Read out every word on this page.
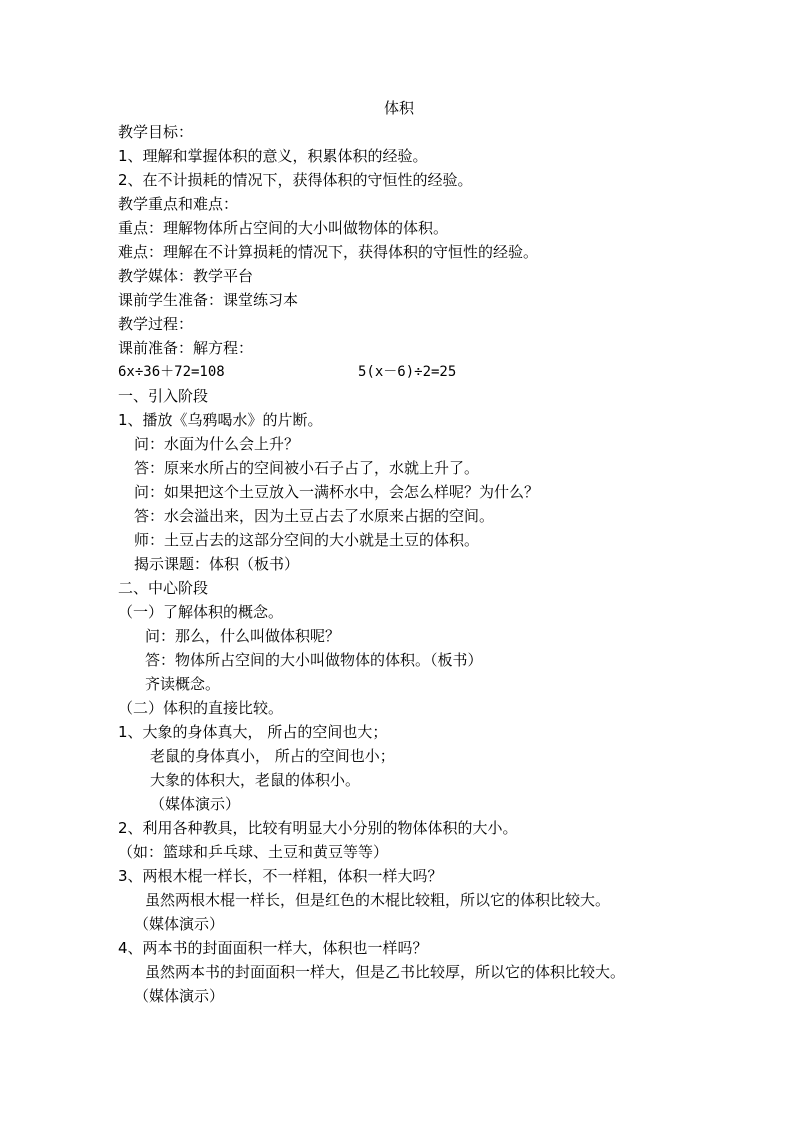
体积
教学目标：
1、理解和掌握体积的意义，积累体积的经验。
2、在不计损耗的情况下，获得体积的守恒性的经验。
教学重点和难点：
重点：理解物体所占空间的大小叫做物体的体积。
难点：理解在不计算损耗的情况下，获得体积的守恒性的经验。
教学媒体：教学平台
课前学生准备：课堂练习本
教学过程：
课前准备：解方程：
6x÷36＋72=108	5(x－6)÷2=25
一、引入阶段
1、播放《乌鸦喝水》的片断。
问：水面为什么会上升？
答：原来水所占的空间被小石子占了，水就上升了。
问：如果把这个土豆放入一满杯水中，会怎么样呢？为什么？
答：水会溢出来，因为土豆占去了水原来占据的空间。
师：土豆占去的这部分空间的大小就是土豆的体积。
揭示课题：体积（板书）
二、中心阶段
（一）了解体积的概念。
问：那么，什么叫做体积呢？
答：物体所占空间的大小叫做物体的体积。（板书）
齐读概念。
（二）体积的直接比较。
1、大象的身体真大， 所占的空间也大；
老鼠的身体真小， 所占的空间也小；
大象的体积大，老鼠的体积小。
（媒体演示）
2、利用各种教具，比较有明显大小分别的物体体积的大小。
（如：篮球和乒乓球、土豆和黄豆等等）
3、两根木棍一样长，不一样粗，体积一样大吗？
虽然两根木棍一样长，但是红色的木棍比较粗，所以它的体积比较大。
（媒体演示）
4、两本书的封面面积一样大，体积也一样吗？
虽然两本书的封面面积一样大，但是乙书比较厚，所以它的体积比较大。
（媒体演示）
